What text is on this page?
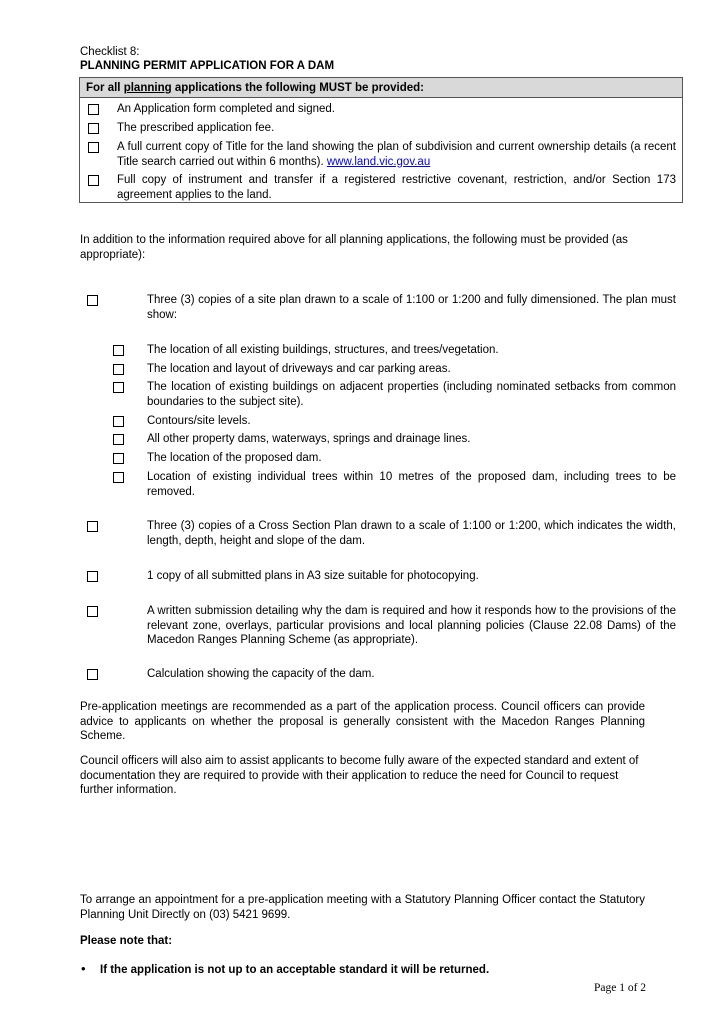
Checklist 8:
PLANNING PERMIT APPLICATION FOR A DAM
For all planning applications the following MUST be provided:
An Application form completed and signed.
The prescribed application fee.
A full current copy of Title for the land showing the plan of subdivision and current ownership details (a recent Title search carried out within 6 months). www.land.vic.gov.au
Full copy of instrument and transfer if a registered restrictive covenant, restriction, and/or Section 173 agreement applies to the land.
In addition to the information required above for all planning applications, the following must be provided (as appropriate):
Three (3) copies of a site plan drawn to a scale of 1:100 or 1:200 and fully dimensioned. The plan must show:
The location of all existing buildings, structures, and trees/vegetation.
The location and layout of driveways and car parking areas.
The location of existing buildings on adjacent properties (including nominated setbacks from common boundaries to the subject site).
Contours/site levels.
All other property dams, waterways, springs and drainage lines.
The location of the proposed dam.
Location of existing individual trees within 10 metres of the proposed dam, including trees to be removed.
Three (3) copies of a Cross Section Plan drawn to a scale of 1:100 or 1:200, which indicates the width, length, depth, height and slope of the dam.
1 copy of all submitted plans in A3 size suitable for photocopying.
A written submission detailing why the dam is required and how it responds how to the provisions of the relevant zone, overlays, particular provisions and local planning policies (Clause 22.08 Dams) of the Macedon Ranges Planning Scheme (as appropriate).
Calculation showing the capacity of the dam.
Pre-application meetings are recommended as a part of the application process. Council officers can provide advice to applicants on whether the proposal is generally consistent with the Macedon Ranges Planning Scheme.
Council officers will also aim to assist applicants to become fully aware of the expected standard and extent of documentation they are required to provide with their application to reduce the need for Council to request further information.
To arrange an appointment for a pre-application meeting with a Statutory Planning Officer contact the Statutory Planning Unit Directly on (03) 5421 9699.
Please note that:
• If the application is not up to an acceptable standard it will be returned.
Page 1 of 2
